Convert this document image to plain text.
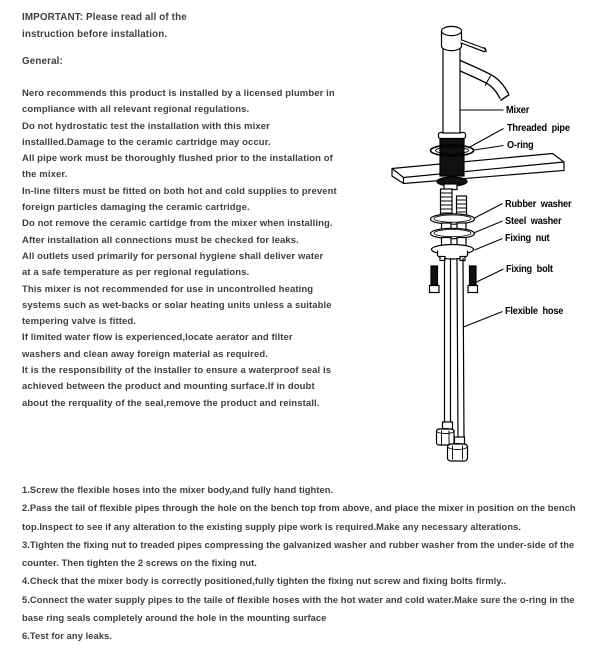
Mixer
Threaded pipe
O-ring
Rubber washer
Steel washer
Fixing nut
Fixing bolt
Flexible hose
IMPORTANT: Please read all of the
instruction before installation.
General:
Nero recommends this product is installed by a licensed plumber in
compliance with all relevant regional regulations.
Do not hydrostatic test the installation with this mixer
installled.Damage to the ceramic cartridge may occur.
All pipe work must be thoroughly flushed prior to the installation of
the mixer.
In-line filters must be fitted on both hot and cold supplies to prevent
foreign particles damaging the ceramic cartridge.
Do not remove the ceramic cartidge from the mixer when installing.
After installation all connections must be checked for leaks.
All outlets used primarily for personal hygiene shall deliver water
at a safe temperature as per regional regulations.
This mixer is not recommended for use in uncontrolled heating
systems such as wet-backs or solar heating units unless a suitable
tempering valve is fitted.
If limited water flow is experienced,locate aerator and filter
washers and clean away foreign material as required.
It is the responsibility of the installer to ensure a waterproof seal is
achieved between the product and mounting surface.If in doubt
about the rerquality of the seal,remove the product and reinstall.
1.Screw the flexible hoses into the mixer body,and fully hand tighten.
2.Pass the tail of flexible pipes through the hole on the bench top from above, and place the mixer in position on the bench
top.Inspect to see if any alteration to the existing supply pipe work is required.Make any necessary alterations.
3.Tighten the fixing nut to treaded pipes compressing the galvanized washer and rubber washer from the under-side of the
counter. Then tighten the 2 screws on the fixing nut.
4.Check that the mixer body is correctly positioned,fully tighten the fixing nut screw and fixing bolts firmly..
5.Connect the water supply pipes to the taile of flexible hoses with the hot water and cold water.Make sure the o-ring in the
base ring seals completely around the hole in the mounting surface
6.Test for any leaks.
